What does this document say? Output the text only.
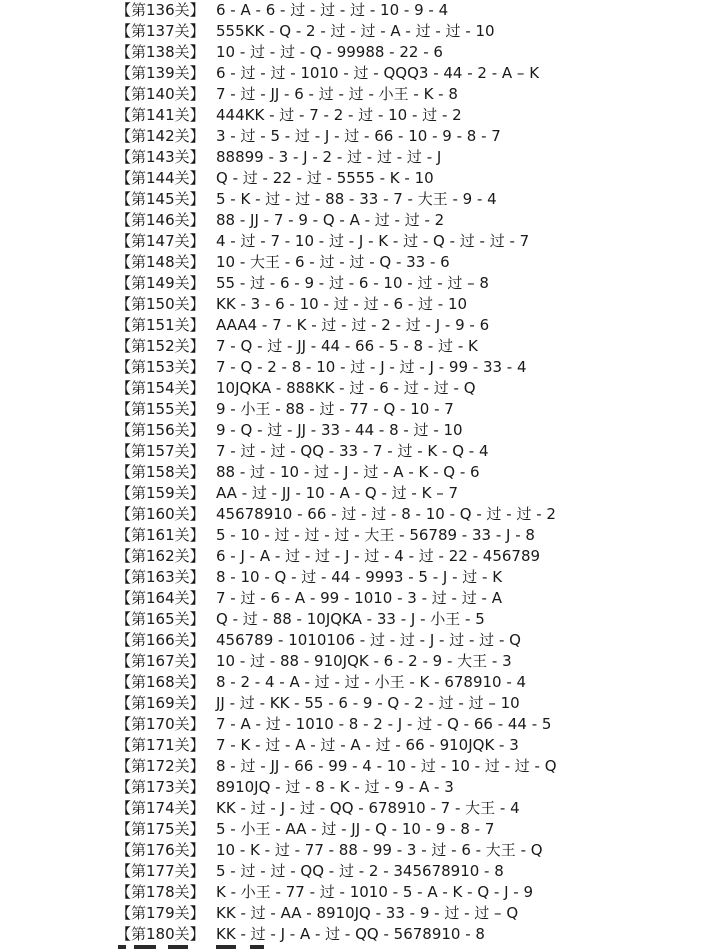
【第136关】 6 - A - 6 - 过 - 过 - 过 - 10 - 9 - 4
【第137关】 555KK - Q - 2 - 过 - 过 - A - 过 - 过 - 10
【第138关】 10 - 过 - 过 - Q - 99988 - 22 - 6
【第139关】 6 - 过 - 过 - 1010 - 过 - QQQ3 - 44 - 2 - A – K
【第140关】 7 - 过 - JJ - 6 - 过 - 过 - 小王 - K - 8
【第141关】 444KK - 过 - 7 - 2 - 过 - 10 - 过 - 2
【第142关】 3 - 过 - 5 - 过 - J - 过 - 66 - 10 - 9 - 8 - 7
【第143关】 88899 - 3 - J - 2 - 过 - 过 - 过 - J
【第144关】 Q - 过 - 22 - 过 - 5555 - K - 10
【第145关】 5 - K - 过 - 过 - 88 - 33 - 7 - 大王 - 9 - 4
【第146关】 88 - JJ - 7 - 9 - Q - A - 过 - 过 - 2
【第147关】 4 - 过 - 7 - 10 - 过 - J - K - 过 - Q - 过 - 过 - 7
【第148关】 10 - 大王 - 6 - 过 - 过 - Q - 33 - 6
【第149关】 55 - 过 - 6 - 9 - 过 - 6 - 10 - 过 - 过 – 8
【第150关】 KK - 3 - 6 - 10 - 过 - 过 - 6 - 过 - 10
【第151关】 AAA4 - 7 - K - 过 - 过 - 2 - 过 - J - 9 - 6
【第152关】 7 - Q - 过 - JJ - 44 - 66 - 5 - 8 - 过 - K
【第153关】 7 - Q - 2 - 8 - 10 - 过 - J - 过 - J - 99 - 33 - 4
【第154关】 10JQKA - 888KK - 过 - 6 - 过 - 过 - Q
【第155关】 9 - 小王 - 88 - 过 - 77 - Q - 10 - 7
【第156关】 9 - Q - 过 - JJ - 33 - 44 - 8 - 过 - 10
【第157关】 7 - 过 - 过 - QQ - 33 - 7 - 过 - K - Q - 4
【第158关】 88 - 过 - 10 - 过 - J - 过 - A - K - Q - 6
【第159关】 AA - 过 - JJ - 10 - A - Q - 过 - K – 7
【第160关】 45678910 - 66 - 过 - 过 - 8 - 10 - Q - 过 - 过 - 2
【第161关】 5 - 10 - 过 - 过 - 过 - 大王 - 56789 - 33 - J - 8
【第162关】 6 - J - A - 过 - 过 - J - 过 - 4 - 过 - 22 - 456789
【第163关】 8 - 10 - Q - 过 - 44 - 9993 - 5 - J - 过 - K
【第164关】 7 - 过 - 6 - A - 99 - 1010 - 3 - 过 - 过 - A
【第165关】 Q - 过 - 88 - 10JQKA - 33 - J - 小王 - 5
【第166关】 456789 - 1010106 - 过 - 过 - J - 过 - 过 - Q
【第167关】 10 - 过 - 88 - 910JQK - 6 - 2 - 9 - 大王 - 3
【第168关】 8 - 2 - 4 - A - 过 - 过 - 小王 - K - 678910 - 4
【第169关】 JJ - 过 - KK - 55 - 6 - 9 - Q - 2 - 过 - 过 – 10
【第170关】 7 - A - 过 - 1010 - 8 - 2 - J - 过 - Q - 66 - 44 - 5
【第171关】 7 - K - 过 - A - 过 - A - 过 - 66 - 910JQK - 3
【第172关】 8 - 过 - JJ - 66 - 99 - 4 - 10 - 过 - 10 - 过 - 过 - Q
【第173关】 8910JQ - 过 - 8 - K - 过 - 9 - A - 3
【第174关】 KK - 过 - J - 过 - QQ - 678910 - 7 - 大王 - 4
【第175关】 5 - 小王 - AA - 过 - JJ - Q - 10 - 9 - 8 - 7
【第176关】 10 - K - 过 - 77 - 88 - 99 - 3 - 过 - 6 - 大王 - Q
【第177关】 5 - 过 - 过 - QQ - 过 - 2 - 345678910 - 8
【第178关】 K - 小王 - 77 - 过 - 1010 - 5 - A - K - Q - J - 9
【第179关】 KK - 过 - AA - 8910JQ - 33 - 9 - 过 - 过 – Q
【第180关】 KK - 过 - J - A - 过 - QQ - 5678910 - 8
